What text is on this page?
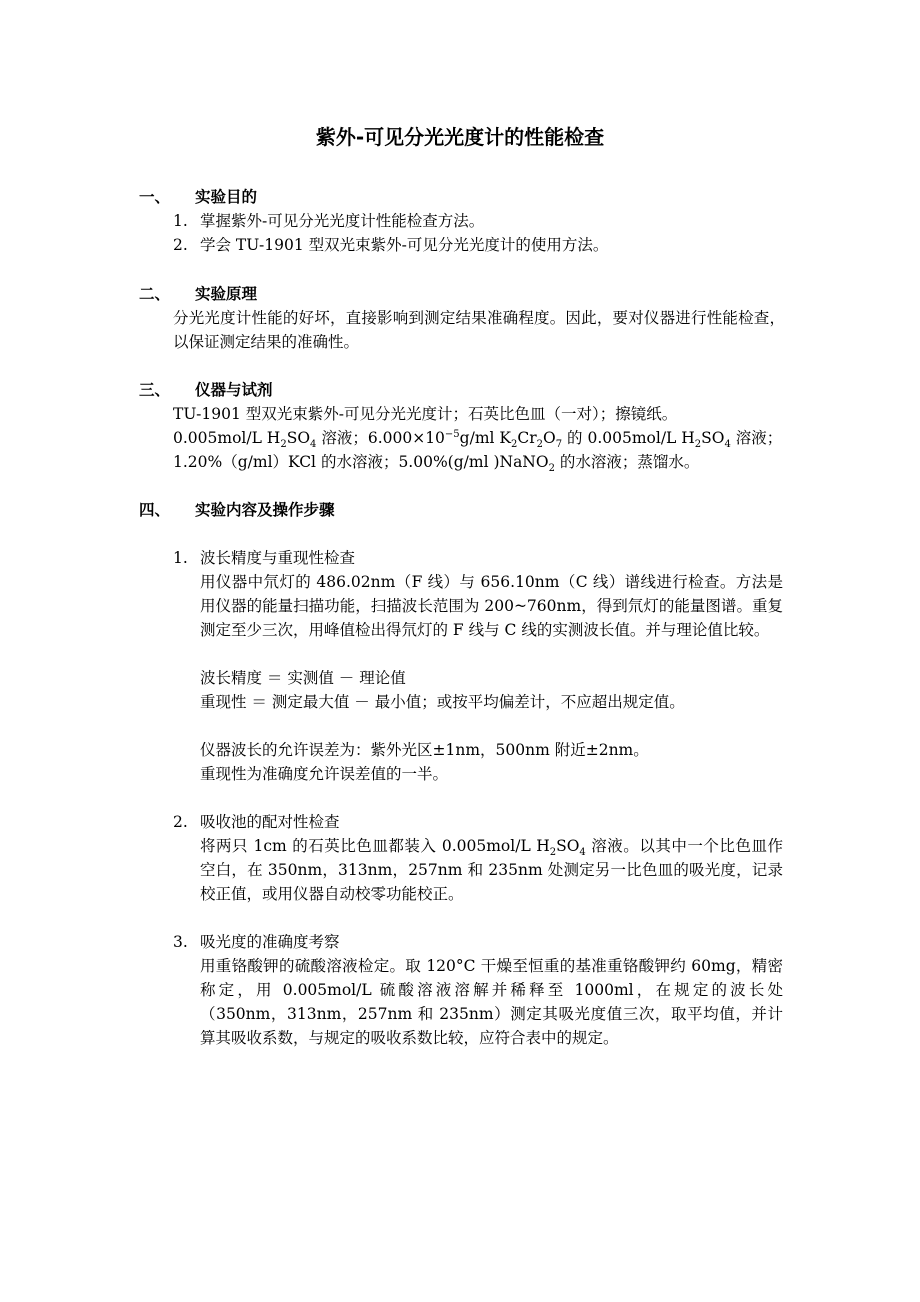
紫外-可见分光光度计的性能检查
一、 实验目的
1. 掌握紫外-可见分光光度计性能检查方法。
2. 学会 TU-1901 型双光束紫外-可见分光光度计的使用方法。
二、 实验原理
分光光度计性能的好坏，直接影响到测定结果准确程度。因此，要对仪器进行性能检查，以保证测定结果的准确性。
三、 仪器与试剂
TU-1901 型双光束紫外-可见分光光度计；石英比色皿（一对）；擦镜纸。
0.005mol/L $H_2SO_4$ 溶液；$6.000\times 10^{-5}g/ml$ $K_2Cr_2O_7$ 的 0.005mol/L $H_2SO_4$ 溶液；
1.20%（g/ml）KCl 的水溶液；5.00%(g/ml )NaNO$_2$ 的水溶液；蒸馏水。
四、 实验内容及操作步骤
1. 波长精度与重现性检查
用仪器中氘灯的 486.02nm（F 线）与 656.10nm（C 线）谱线进行检查。方法是用仪器的能量扫描功能，扫描波长范围为 200~760nm，得到氘灯的能量图谱。重复测定至少三次，用峰值检出得氘灯的 F 线与 C 线的实测波长值。并与理论值比较。
波长精度 ＝ 实测值 － 理论值
重现性 ＝ 测定最大值 － 最小值；或按平均偏差计，不应超出规定值。
仪器波长的允许误差为：紫外光区±1nm，500nm 附近±2nm。
重现性为准确度允许误差值的一半。
2. 吸收池的配对性检查
将两只 1cm 的石英比色皿都装入 0.005mol/L $H_2SO_4$ 溶液。以其中一个比色皿作空白，在 350nm，313nm，257nm 和 235nm 处测定另一比色皿的吸光度，记录校正值，或用仪器自动校零功能校正。
3. 吸光度的准确度考察
用重铬酸钾的硫酸溶液检定。取 120°C 干燥至恒重的基准重铬酸钾约 60mg，精密称定，用 0.005mol/L 硫酸溶液溶解并稀释至 1000ml，在规定的波长处（350nm，313nm，257nm 和 235nm）测定其吸光度值三次，取平均值，并计算其吸收系数，与规定的吸收系数比较，应符合表中的规定。
